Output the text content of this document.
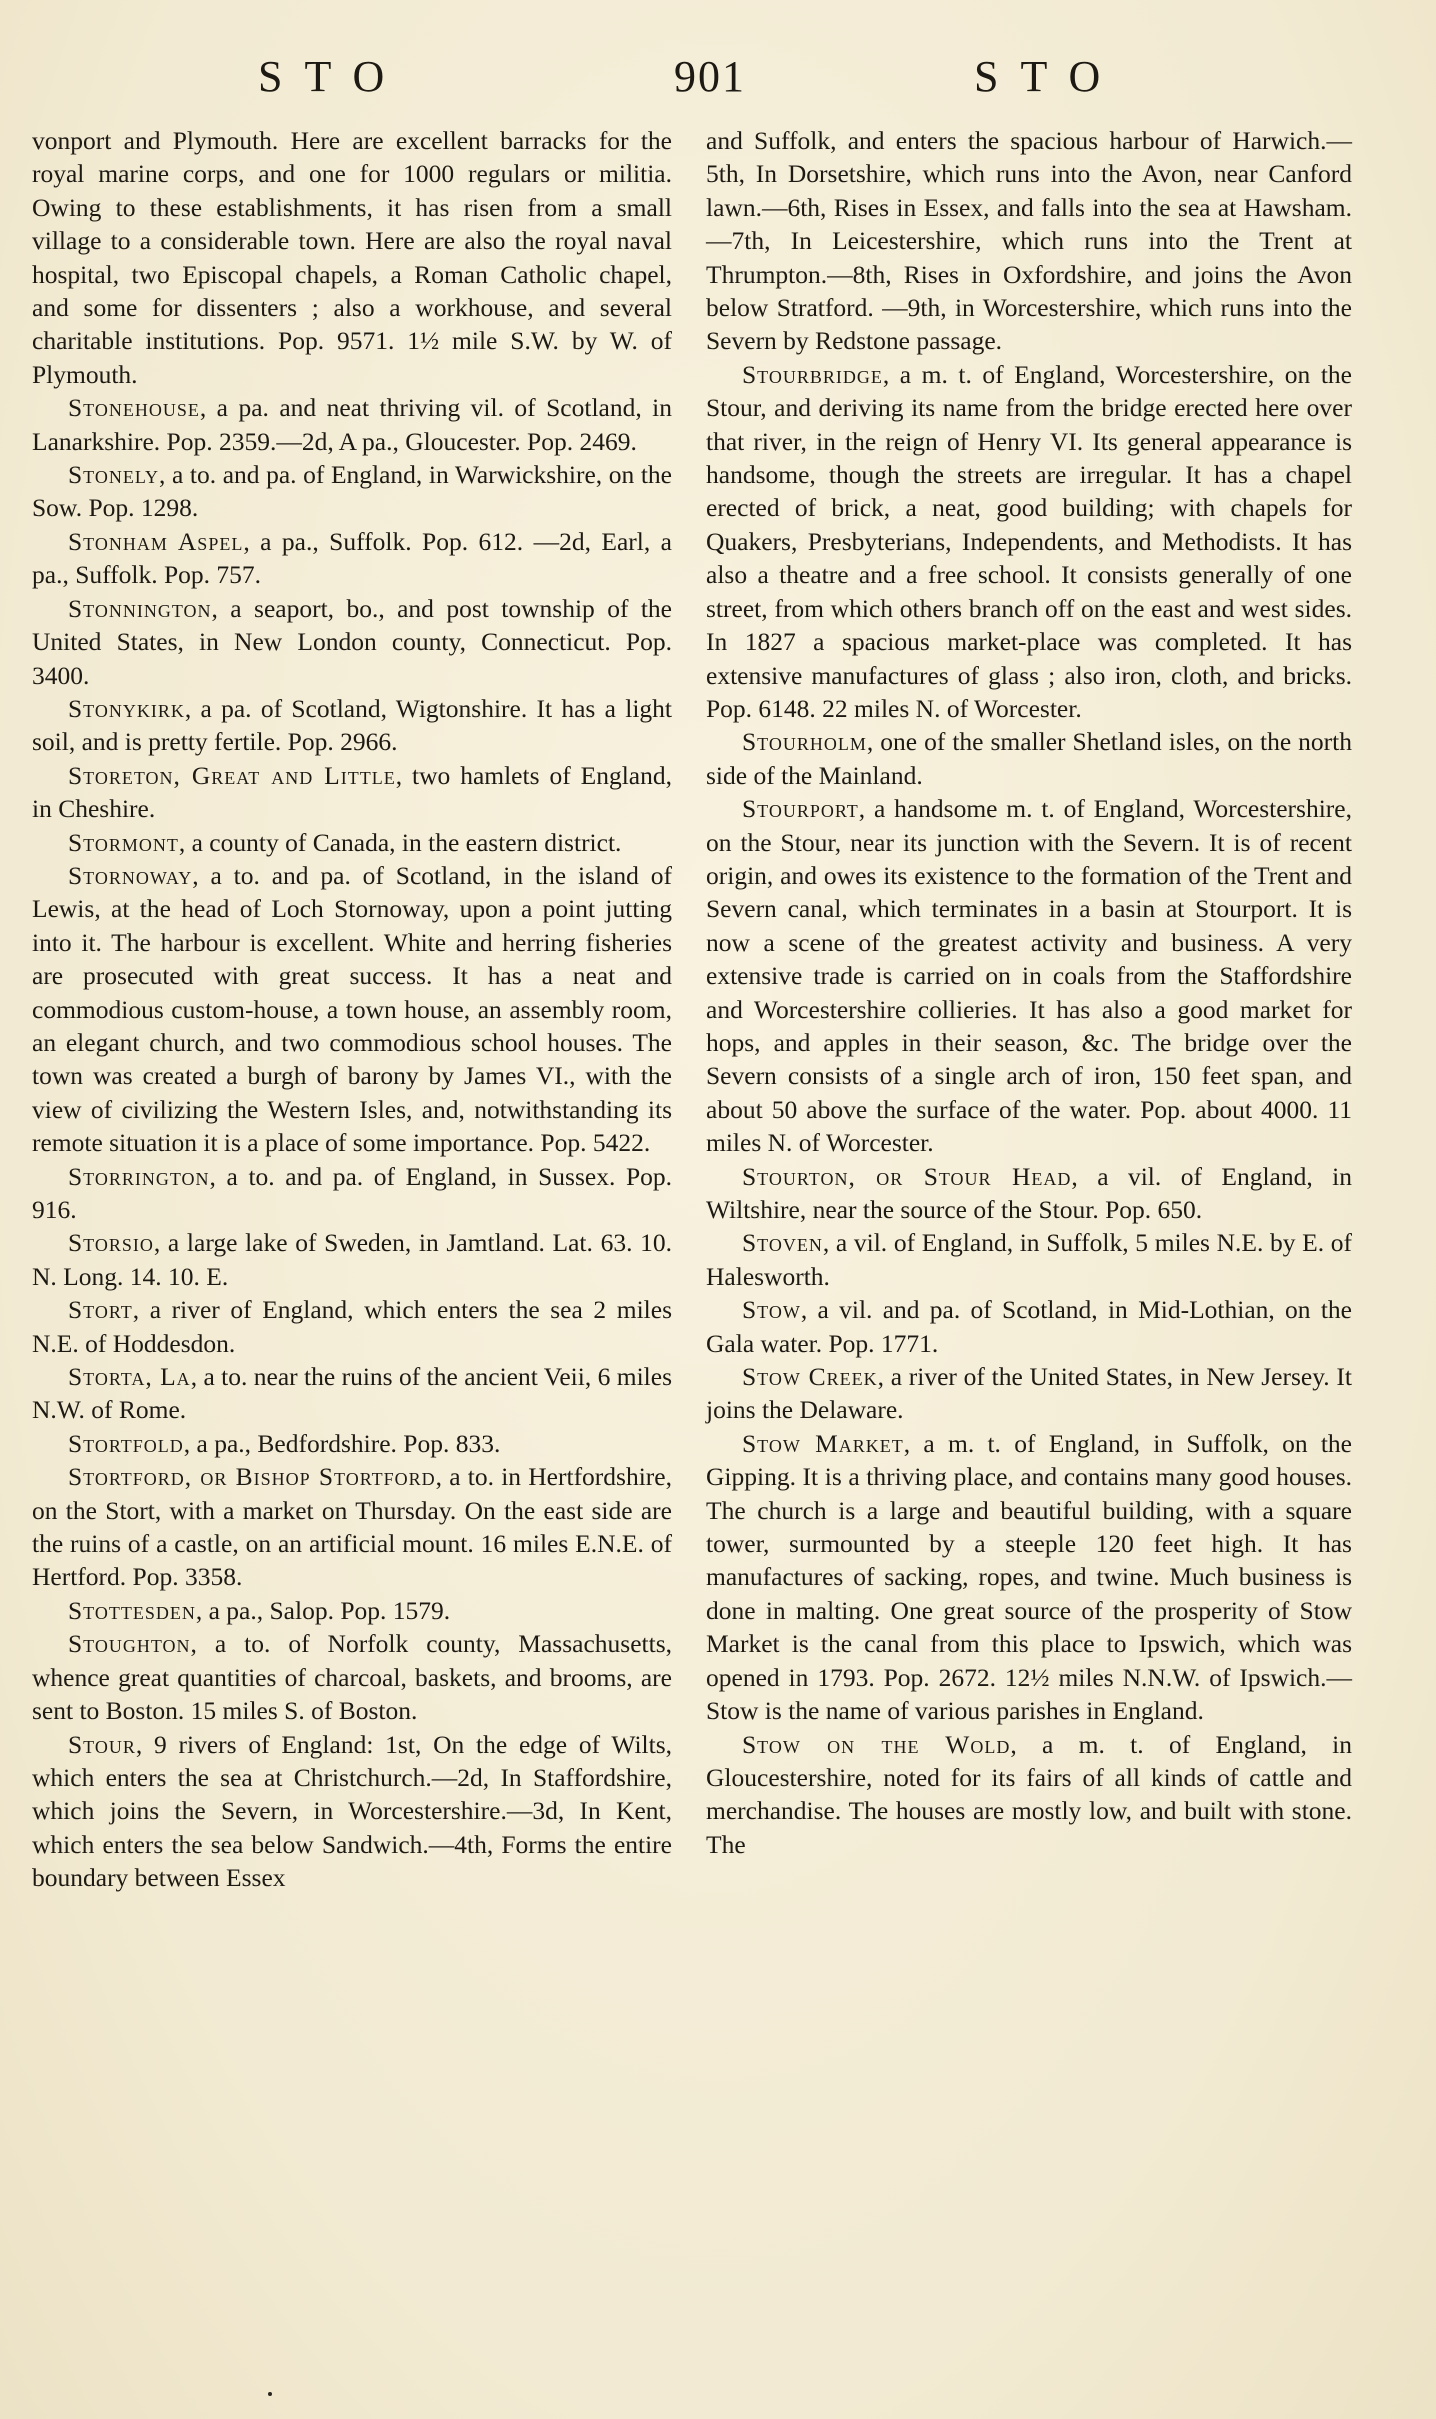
STO	901	STO

vonport and Plymouth. Here are excellent barracks for the royal marine corps, and one for 1000 regulars or militia. Owing to these establishments, it has risen from a small village to a considerable town. Here are also the royal naval hospital, two Episcopal chapels, a Roman Catholic chapel, and some for dissenters ; also a workhouse, and several charitable institutions. Pop. 9571. 1½ mile S.W. by W. of Plymouth.

Stonehouse, a pa. and neat thriving vil. of Scotland, in Lanarkshire. Pop. 2359.—2d, A pa., Gloucester. Pop. 2469.

Stonely, a to. and pa. of England, in Warwickshire, on the Sow. Pop. 1298.

Stonham Aspel, a pa., Suffolk. Pop. 612. —2d, Earl, a pa., Suffolk. Pop. 757.

Stonnington, a seaport, bo., and post township of the United States, in New London county, Connecticut. Pop. 3400.

Stonykirk, a pa. of Scotland, Wigtonshire. It has a light soil, and is pretty fertile. Pop. 2966.

Storeton, Great and Little, two hamlets of England, in Cheshire.

Stormont, a county of Canada, in the eastern district.

Stornoway, a to. and pa. of Scotland, in the island of Lewis, at the head of Loch Stornoway, upon a point jutting into it. The harbour is excellent. White and herring fisheries are prosecuted with great success. It has a neat and commodious custom-house, a town house, an assembly room, an elegant church, and two commodious school houses. The town was created a burgh of barony by James VI., with the view of civilizing the Western Isles, and, notwithstanding its remote situation it is a place of some importance. Pop. 5422.

Storrington, a to. and pa. of England, in Sussex. Pop. 916.

Storsio, a large lake of Sweden, in Jamtland. Lat. 63. 10. N. Long. 14. 10. E.

Stort, a river of England, which enters the sea 2 miles N.E. of Hoddesdon.

Storta, La, a to. near the ruins of the ancient Veii, 6 miles N.W. of Rome.

Stortfold, a pa., Bedfordshire. Pop. 833.

Stortford, or Bishop Stortford, a to. in Hertfordshire, on the Stort, with a market on Thursday. On the east side are the ruins of a castle, on an artificial mount. 16 miles E.N.E. of Hertford. Pop. 3358.

Stottesden, a pa., Salop. Pop. 1579.

Stoughton, a to. of Norfolk county, Massachusetts, whence great quantities of charcoal, baskets, and brooms, are sent to Boston. 15 miles S. of Boston.

Stour, 9 rivers of England: 1st, On the edge of Wilts, which enters the sea at Christchurch.—2d, In Staffordshire, which joins the Severn, in Worcestershire.—3d, In Kent, which enters the sea below Sandwich.—4th, Forms the entire boundary between Essex

and Suffolk, and enters the spacious harbour of Harwich.—5th, In Dorsetshire, which runs into the Avon, near Canford lawn.—6th, Rises in Essex, and falls into the sea at Hawsham.—7th, In Leicestershire, which runs into the Trent at Thrumpton.—8th, Rises in Oxfordshire, and joins the Avon below Stratford. —9th, in Worcestershire, which runs into the Severn by Redstone passage.

Stourbridge, a m. t. of England, Worcestershire, on the Stour, and deriving its name from the bridge erected here over that river, in the reign of Henry VI. Its general appearance is handsome, though the streets are irregular. It has a chapel erected of brick, a neat, good building; with chapels for Quakers, Presbyterians, Independents, and Methodists. It has also a theatre and a free school. It consists generally of one street, from which others branch off on the east and west sides. In 1827 a spacious market-place was completed. It has extensive manufactures of glass ; also iron, cloth, and bricks. Pop. 6148. 22 miles N. of Worcester.

Stourholm, one of the smaller Shetland isles, on the north side of the Mainland.

Stourport, a handsome m. t. of England, Worcestershire, on the Stour, near its junction with the Severn. It is of recent origin, and owes its existence to the formation of the Trent and Severn canal, which terminates in a basin at Stourport. It is now a scene of the greatest activity and business. A very extensive trade is carried on in coals from the Staffordshire and Worcestershire collieries. It has also a good market for hops, and apples in their season, &c. The bridge over the Severn consists of a single arch of iron, 150 feet span, and about 50 above the surface of the water. Pop. about 4000. 11 miles N. of Worcester.

Stourton, or Stour Head, a vil. of England, in Wiltshire, near the source of the Stour. Pop. 650.

Stoven, a vil. of England, in Suffolk, 5 miles N.E. by E. of Halesworth.

Stow, a vil. and pa. of Scotland, in Mid-Lothian, on the Gala water. Pop. 1771.

Stow Creek, a river of the United States, in New Jersey. It joins the Delaware.

Stow Market, a m. t. of England, in Suffolk, on the Gipping. It is a thriving place, and contains many good houses. The church is a large and beautiful building, with a square tower, surmounted by a steeple 120 feet high. It has manufactures of sacking, ropes, and twine. Much business is done in malting. One great source of the prosperity of Stow Market is the canal from this place to Ipswich, which was opened in 1793. Pop. 2672. 12½ miles N.N.W. of Ipswich.—Stow is the name of various parishes in England.

Stow on the Wold, a m. t. of England, in Gloucestershire, noted for its fairs of all kinds of cattle and merchandise. The houses are mostly low, and built with stone. The
